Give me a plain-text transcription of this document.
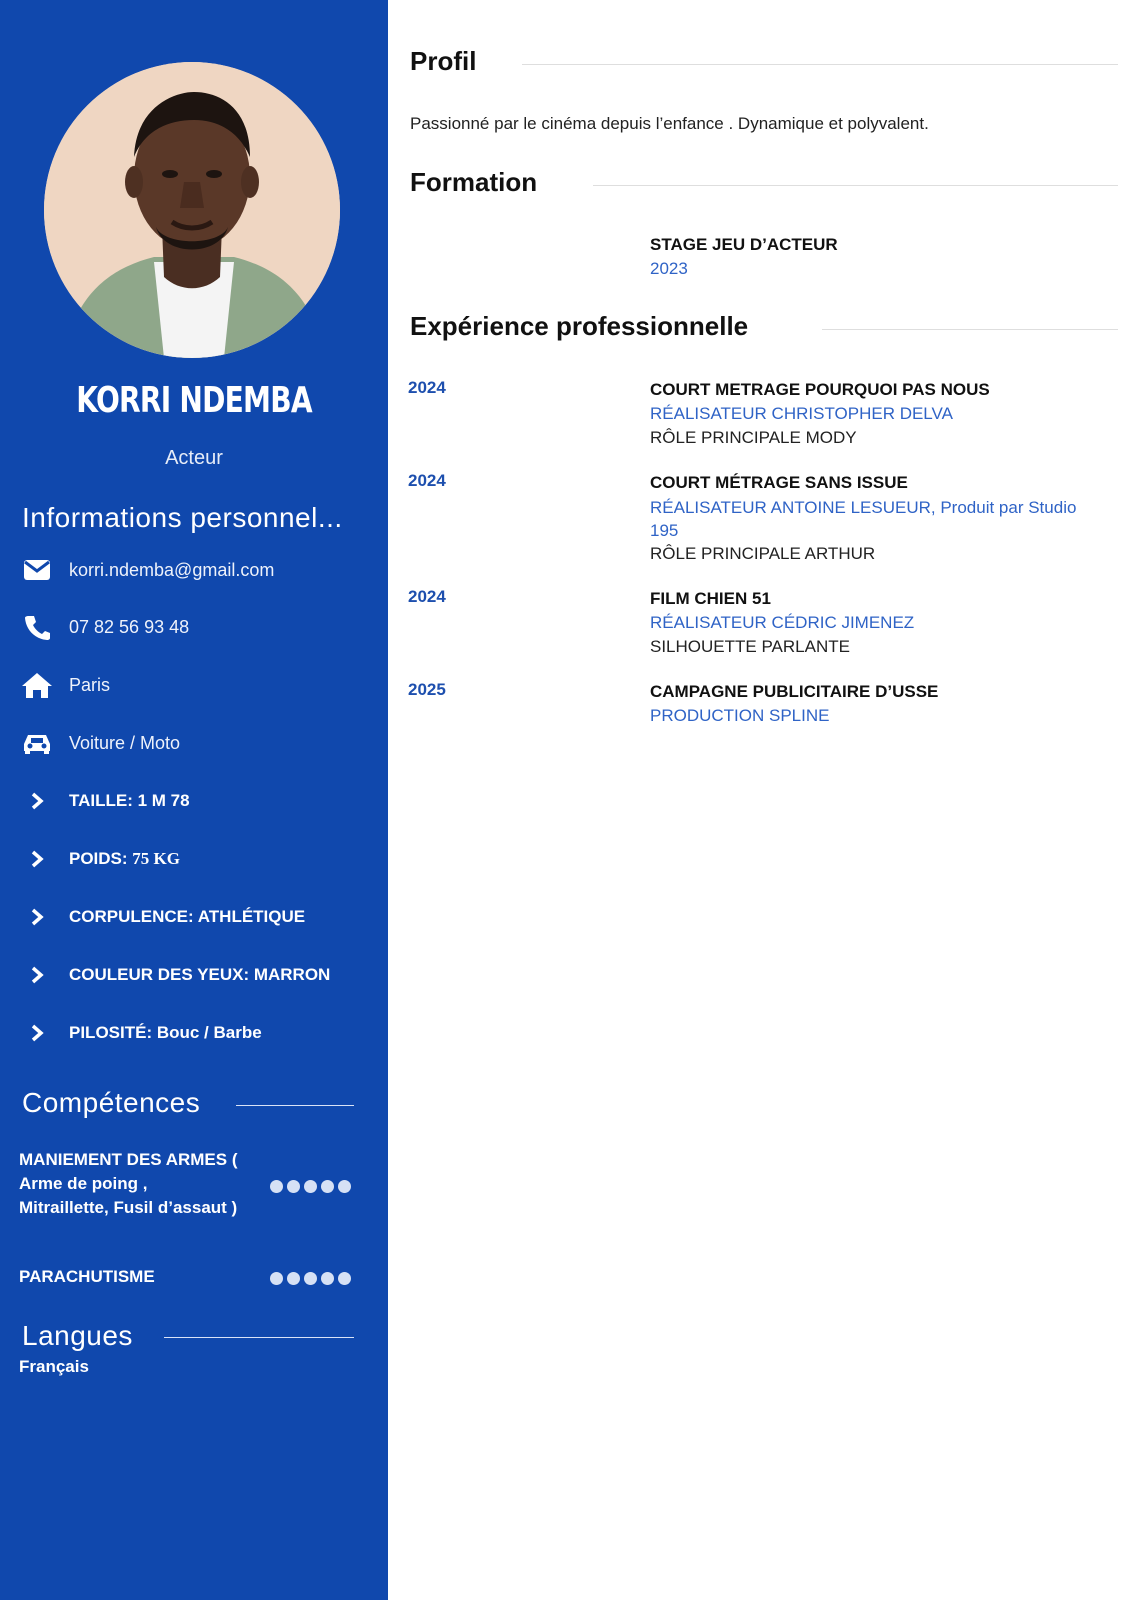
KORRI NDEMBA
Acteur
Informations personnel...
korri.ndemba@gmail.com
07 82 56 93 48
Paris
Voiture / Moto
TAILLE: 1 M 78
POIDS: 75 KG
CORPULENCE: ATHLÉTIQUE
COULEUR DES YEUX: MARRON
PILOSITÉ: Bouc / Barbe
Compétences
MANIEMENT DES ARMES (
Arme de poing ,
Mitraillette, Fusil d’assaut )
PARACHUTISME
Langues
Français
Profil
Passionné par le cinéma depuis l’enfance . Dynamique et polyvalent.
Formation
STAGE JEU D’ACTEUR
2023
Expérience professionnelle
2024	COURT METRAGE POURQUOI PAS NOUS
RÉALISATEUR CHRISTOPHER DELVA
RÔLE PRINCIPALE MODY
2024	COURT MÉTRAGE SANS ISSUE
RÉALISATEUR ANTOINE LESUEUR, Produit par Studio 195
RÔLE PRINCIPALE ARTHUR
2024	FILM CHIEN 51
RÉALISATEUR CÉDRIC JIMENEZ
SILHOUETTE PARLANTE
2025	CAMPAGNE PUBLICITAIRE D’USSE
PRODUCTION SPLINE
